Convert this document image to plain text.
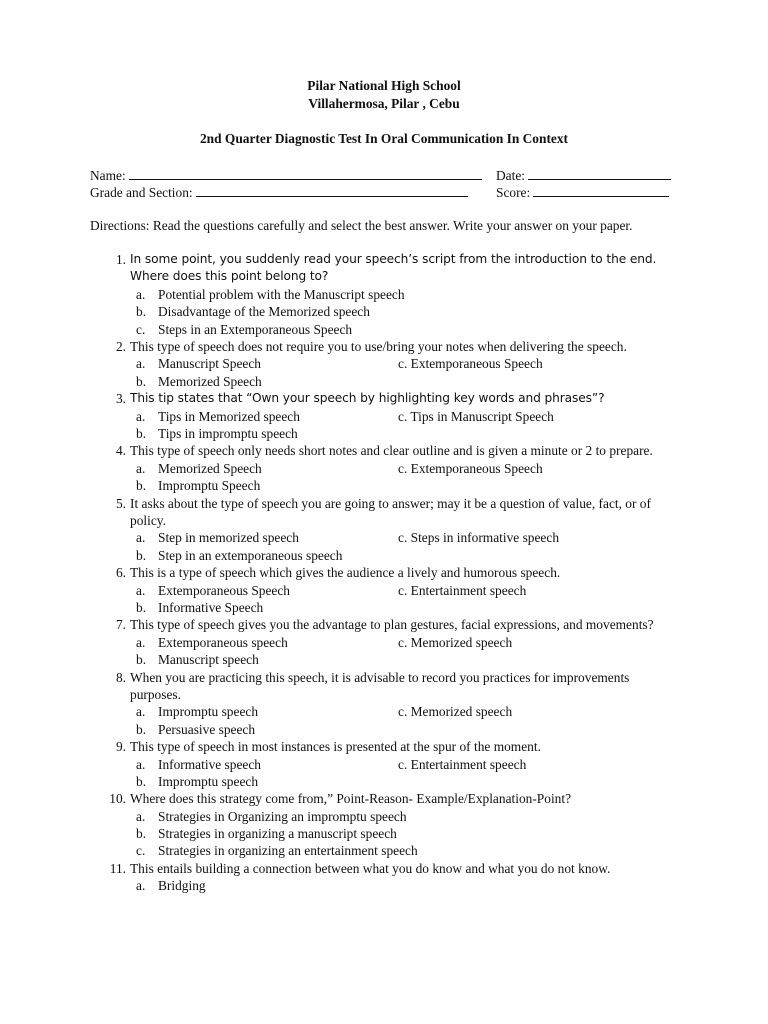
Pilar National High School
Villahermosa, Pilar , Cebu
2nd Quarter Diagnostic Test In Oral Communication In Context
Name:	Date:
Grade and Section:	Score:
Directions: Read the questions carefully and select the best answer. Write your answer on your paper.
1. In some point, you suddenly read your speech’s script from the introduction to the end. Where does this point belong to?
a. Potential problem with the Manuscript speech
b. Disadvantage of the Memorized speech
c. Steps in an Extemporaneous Speech
2. This type of speech does not require you to use/bring your notes when delivering the speech.
a. Manuscript Speech	c. Extemporaneous Speech
b. Memorized Speech
3. This tip states that “Own your speech by highlighting key words and phrases”?
a. Tips in Memorized speech	c. Tips in Manuscript Speech
b. Tips in impromptu speech
4. This type of speech only needs short notes and clear outline and is given a minute or 2 to prepare.
a. Memorized Speech	c. Extemporaneous Speech
b. Impromptu Speech
5. It asks about the type of speech you are going to answer; may it be a question of value, fact, or of policy.
a. Step in memorized speech	c. Steps in informative speech
b. Step in an extemporaneous speech
6. This is a type of speech which gives the audience a lively and humorous speech.
a. Extemporaneous Speech	c. Entertainment speech
b. Informative Speech
7. This type of speech gives you the advantage to plan gestures, facial expressions, and movements?
a. Extemporaneous speech	c. Memorized speech
b. Manuscript speech
8. When you are practicing this speech, it is advisable to record you practices for improvements purposes.
a. Impromptu speech	c. Memorized speech
b. Persuasive speech
9. This type of speech in most instances is presented at the spur of the moment.
a. Informative speech	c. Entertainment speech
b. Impromptu speech
10. Where does this strategy come from,” Point-Reason- Example/Explanation-Point?
a. Strategies in Organizing an impromptu speech
b. Strategies in organizing a manuscript speech
c. Strategies in organizing an entertainment speech
11. This entails building a connection between what you do know and what you do not know.
a. Bridging
